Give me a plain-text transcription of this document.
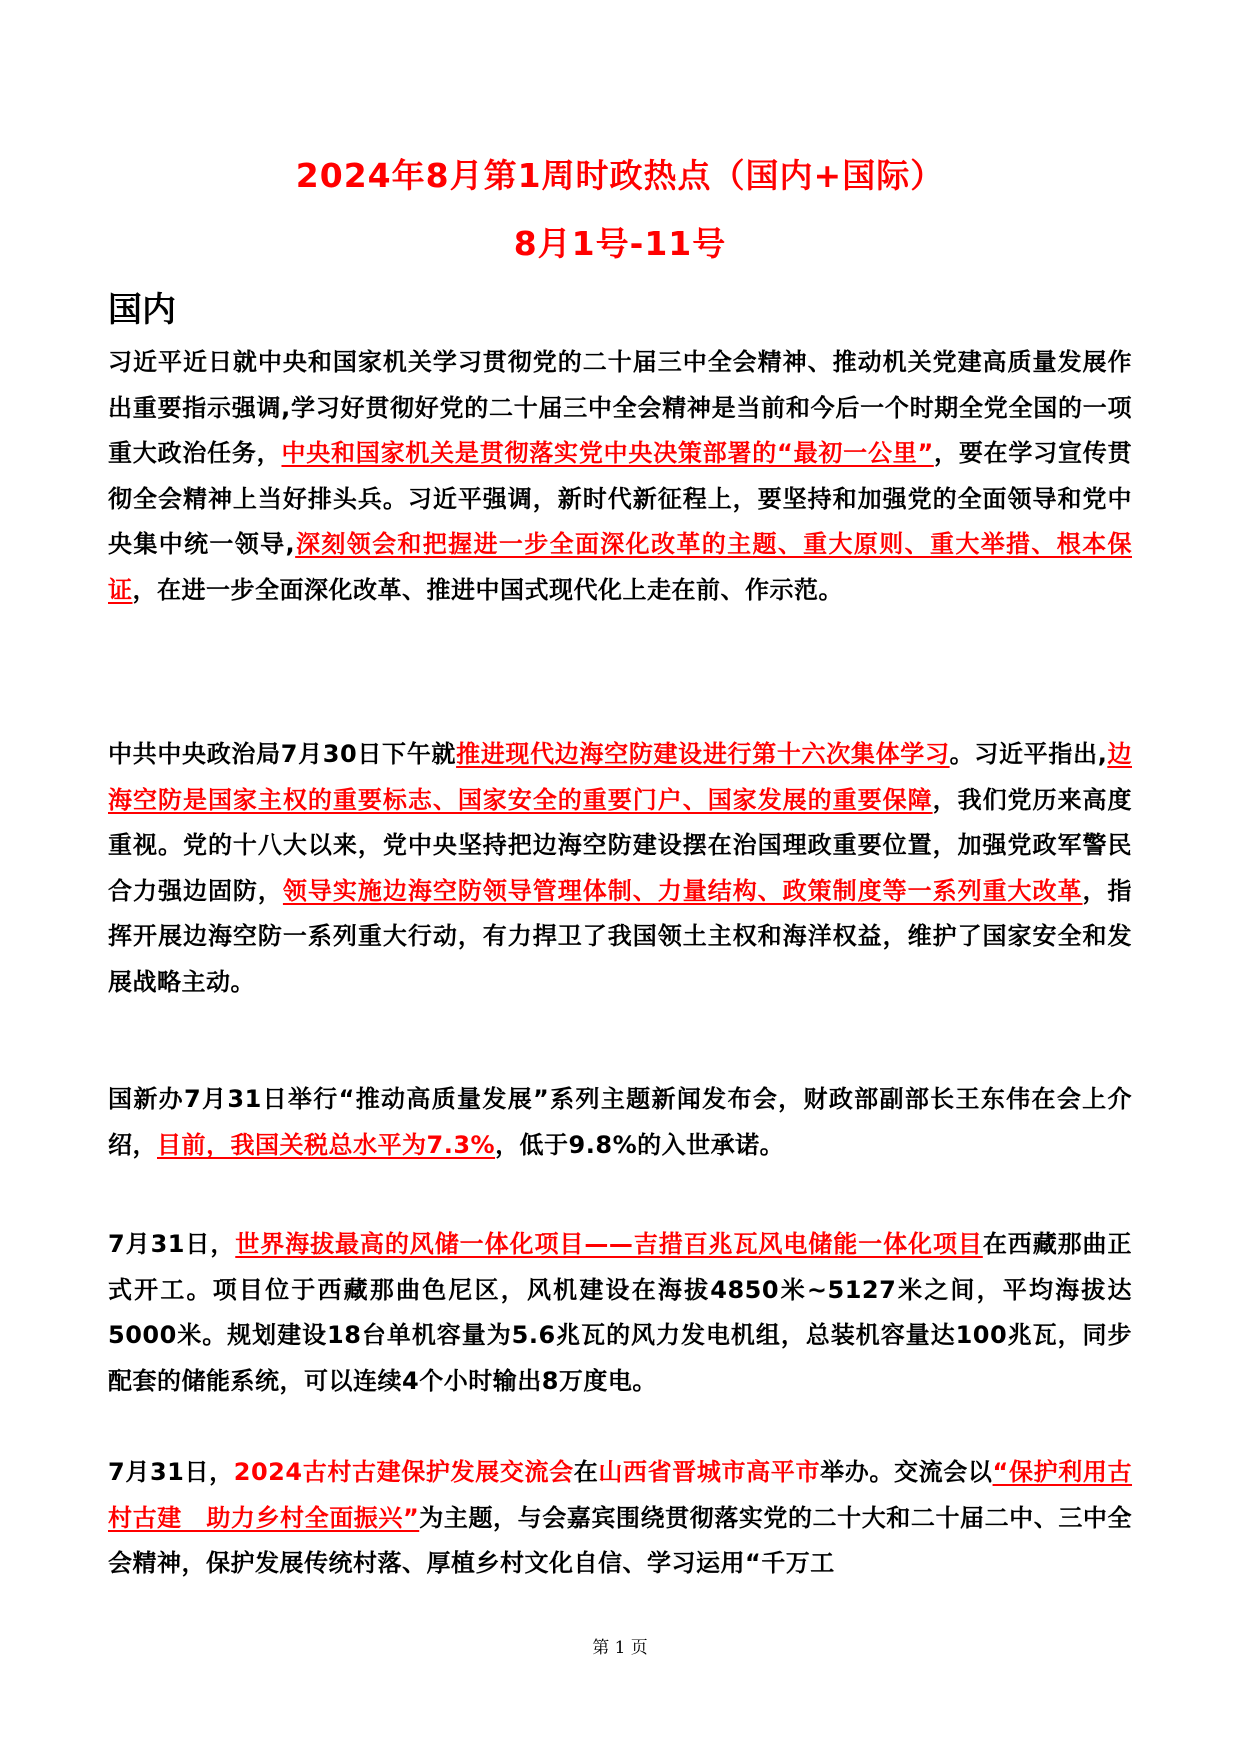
2024年8月第1周时政热点（国内+国际）
8月1号-11号
国内
习近平近日就中央和国家机关学习贯彻党的二十届三中全会精神、推动机关党建高质量发展作出重要指示强调,学习好贯彻好党的二十届三中全会精神是当前和今后一个时期全党全国的一项重大政治任务，中央和国家机关是贯彻落实党中央决策部署的“最初一公里”，要在学习宣传贯彻全会精神上当好排头兵。习近平强调，新时代新征程上，要坚持和加强党的全面领导和党中央集中统一领导,深刻领会和把握进一步全面深化改革的主题、重大原则、重大举措、根本保证，在进一步全面深化改革、推进中国式现代化上走在前、作示范。
中共中央政治局7月30日下午就推进现代边海空防建设进行第十六次集体学习。习近平指出,边海空防是国家主权的重要标志、国家安全的重要门户、国家发展的重要保障，我们党历来高度重视。党的十八大以来，党中央坚持把边海空防建设摆在治国理政重要位置，加强党政军警民合力强边固防，领导实施边海空防领导管理体制、力量结构、政策制度等一系列重大改革，指挥开展边海空防一系列重大行动，有力捍卫了我国领土主权和海洋权益，维护了国家安全和发展战略主动。
国新办7月31日举行“推动高质量发展”系列主题新闻发布会，财政部副部长王东伟在会上介绍，目前，我国关税总水平为7.3%，低于9.8%的入世承诺。
7月31日，世界海拔最高的风储一体化项目——吉措百兆瓦风电储能一体化项目在西藏那曲正式开工。项目位于西藏那曲色尼区，风机建设在海拔4850米~5127米之间，平均海拔达5000米。规划建设18台单机容量为5.6兆瓦的风力发电机组，总装机容量达100兆瓦，同步配套的储能系统，可以连续4个小时输出8万度电。
7月31日，2024古村古建保护发展交流会在山西省晋城市高平市举办。交流会以“保护利用古村古建　助力乡村全面振兴”为主题，与会嘉宾围绕贯彻落实党的二十大和二十届二中、三中全会精神，保护发展传统村落、厚植乡村文化自信、学习运用“千万工
第 1 页
